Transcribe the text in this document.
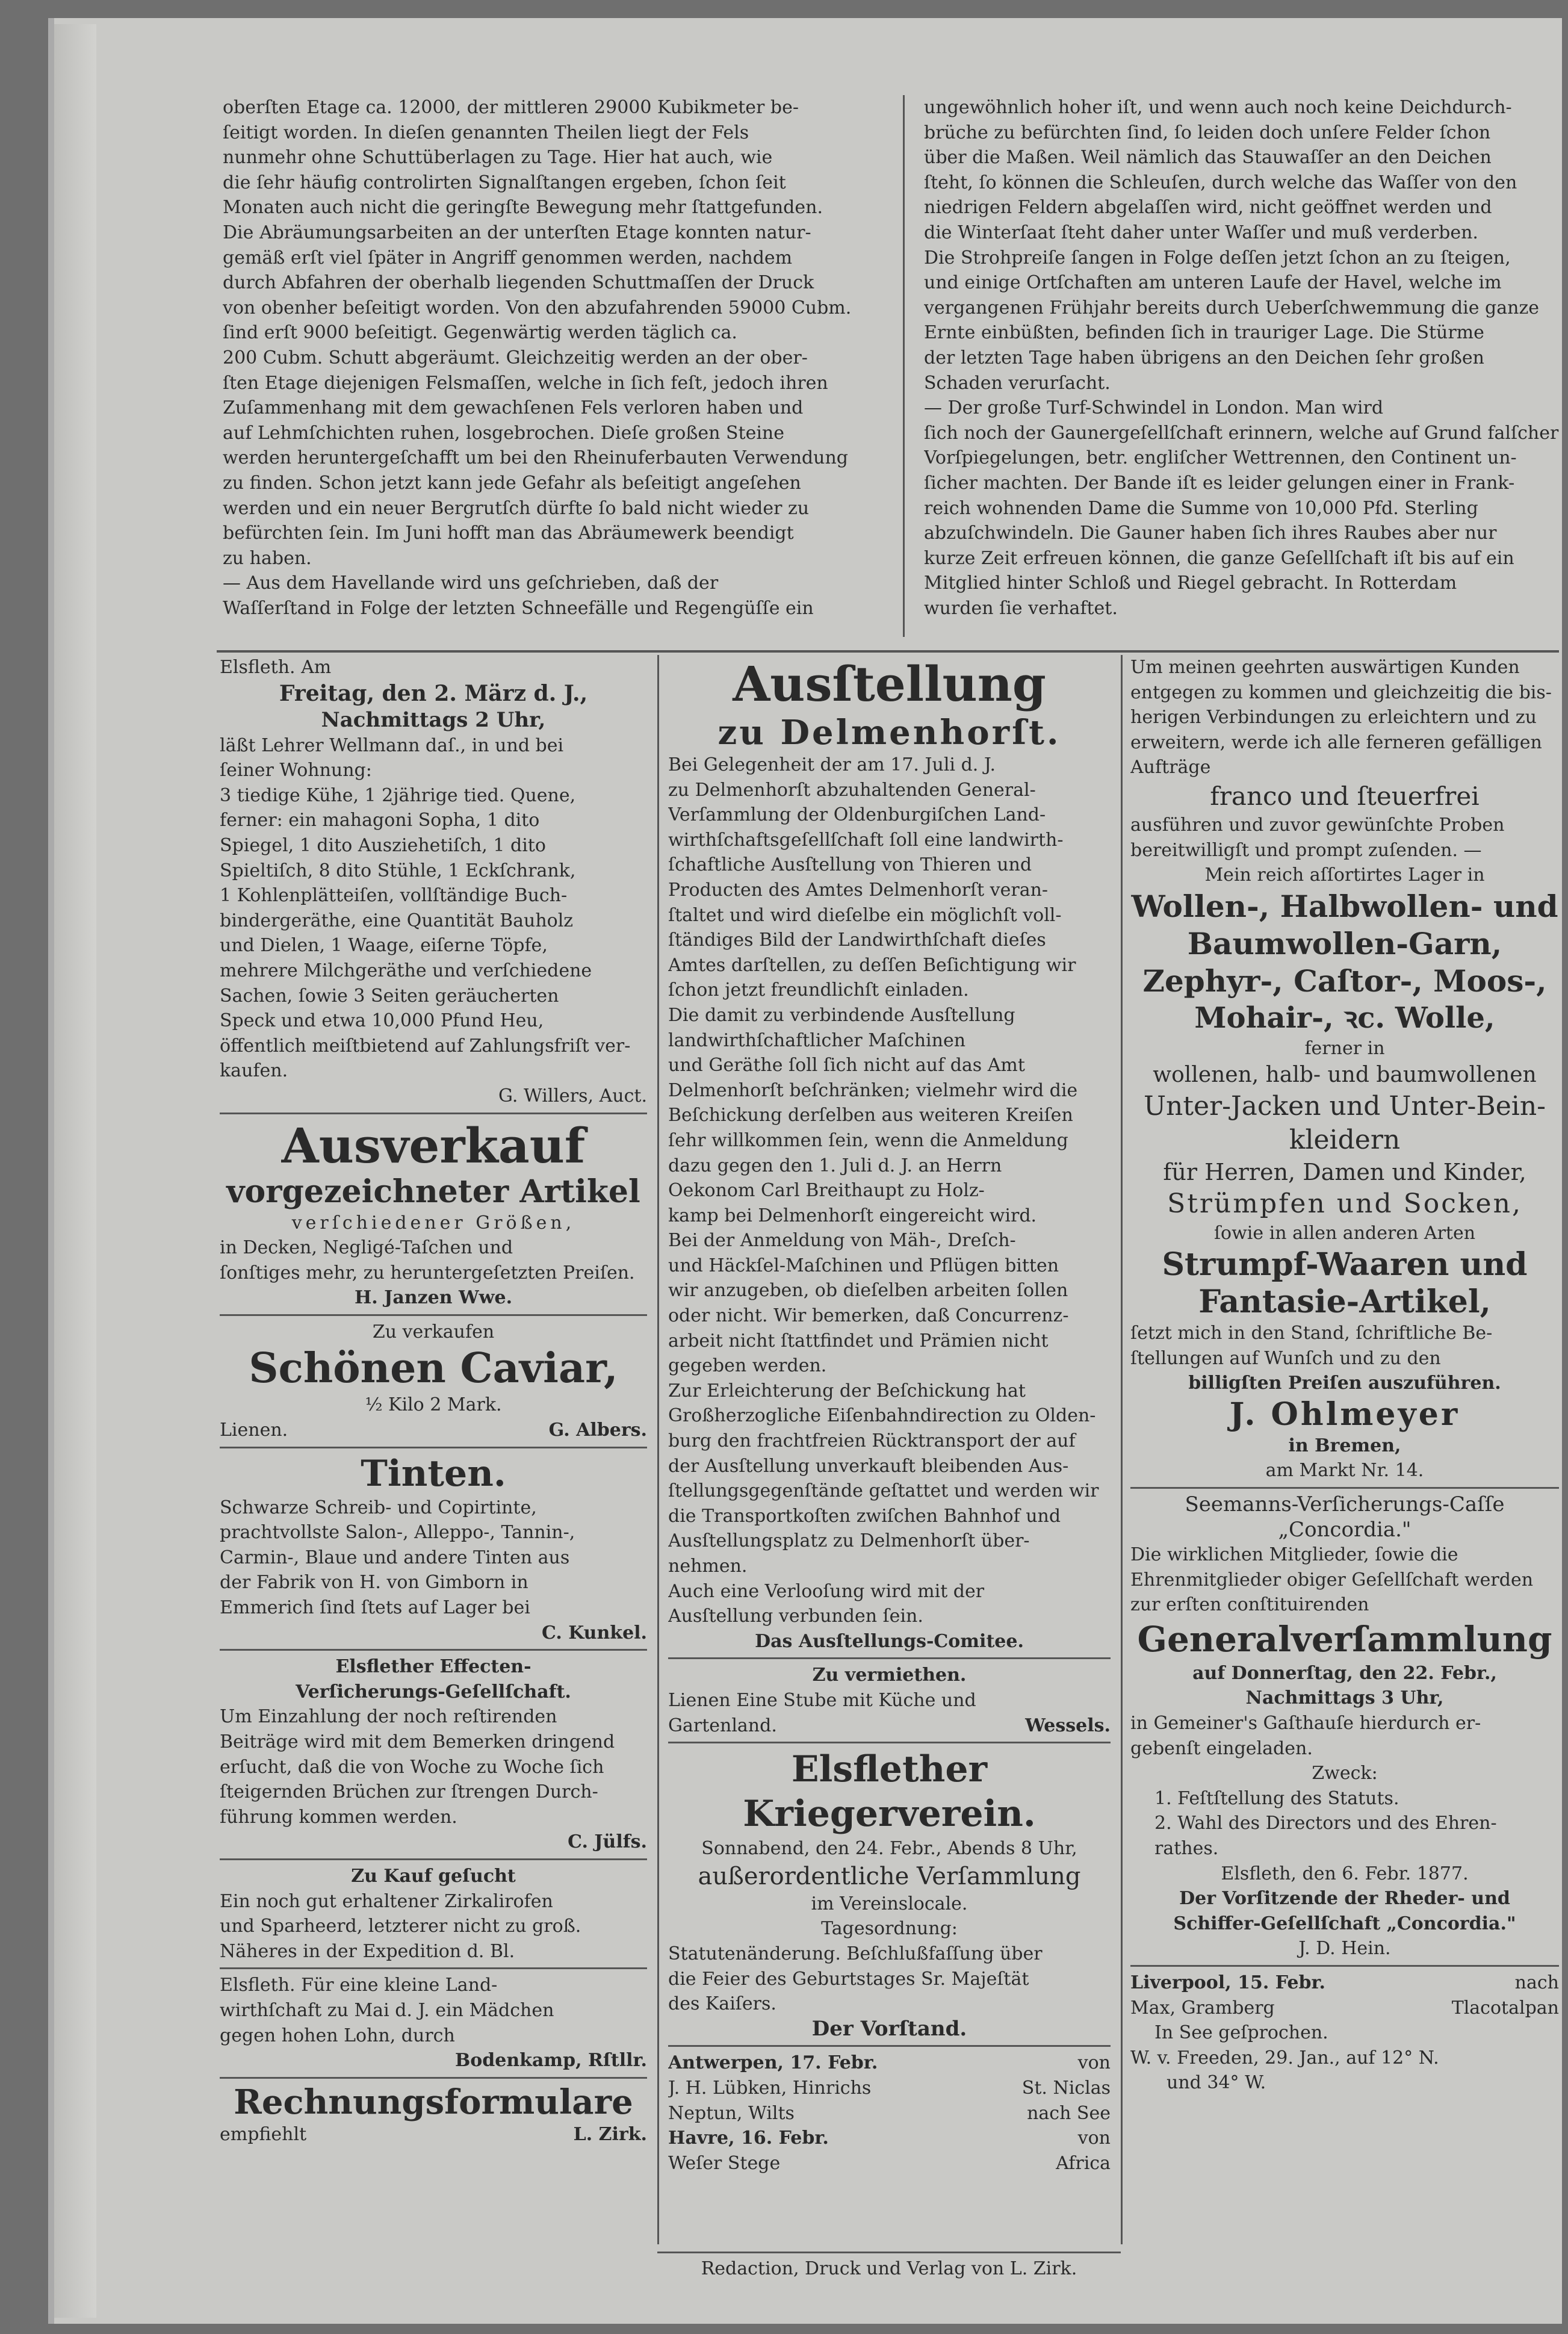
oberſten Etage ca. 12000, der mittleren 29000 Kubikmeter be-

ſeitigt worden. In dieſen genannten Theilen liegt der Fels

nunmehr ohne Schuttüberlagen zu Tage. Hier hat auch, wie

die ſehr häufig controlirten Signalſtangen ergeben, ſchon ſeit

Monaten auch nicht die geringſte Bewegung mehr ſtattgefunden.

Die Abräumungsarbeiten an der unterſten Etage konnten natur-

gemäß erſt viel ſpäter in Angriff genommen werden, nachdem

durch Abfahren der oberhalb liegenden Schuttmaſſen der Druck

von obenher beſeitigt worden. Von den abzufahrenden 59000 Cubm.

ſind erſt 9000 beſeitigt. Gegenwärtig werden täglich ca.

200 Cubm. Schutt abgeräumt. Gleichzeitig werden an der ober-

ſten Etage diejenigen Felsmaſſen, welche in ſich feſt, jedoch ihren

Zuſammenhang mit dem gewachſenen Fels verloren haben und

auf Lehmſchichten ruhen, losgebrochen. Dieſe großen Steine

werden heruntergeſchafft um bei den Rheinuferbauten Verwendung

zu finden. Schon jetzt kann jede Gefahr als beſeitigt angeſehen

werden und ein neuer Bergrutſch dürfte ſo bald nicht wieder zu

befürchten ſein. Im Juni hofft man das Abräumewerk beendigt

zu haben.

— Aus dem Havellande wird uns geſchrieben, daß der

Waſſerſtand in Folge der letzten Schneefälle und Regengüſſe ein

ungewöhnlich hoher iſt, und wenn auch noch keine Deichdurch-

brüche zu befürchten ſind, ſo leiden doch unſere Felder ſchon

über die Maßen. Weil nämlich das Stauwaſſer an den Deichen

ſteht, ſo können die Schleuſen, durch welche das Waſſer von den

niedrigen Feldern abgelaſſen wird, nicht geöffnet werden und

die Winterſaat ſteht daher unter Waſſer und muß verderben.

Die Strohpreiſe ſangen in Folge deſſen jetzt ſchon an zu ſteigen,

und einige Ortſchaften am unteren Laufe der Havel, welche im

vergangenen Frühjahr bereits durch Ueberſchwemmung die ganze

Ernte einbüßten, befinden ſich in trauriger Lage. Die Stürme

der letzten Tage haben übrigens an den Deichen ſehr großen

Schaden verurſacht.

— Der große Turf-Schwindel in London. Man wird

ſich noch der Gaunergeſellſchaft erinnern, welche auf Grund falſcher

Vorſpiegelungen, betr. engliſcher Wettrennen, den Continent un-

ſicher machten. Der Bande iſt es leider gelungen einer in Frank-

reich wohnenden Dame die Summe von 10,000 Pfd. Sterling

abzuſchwindeln. Die Gauner haben ſich ihres Raubes aber nur

kurze Zeit erfreuen können, die ganze Geſellſchaft iſt bis auf ein

Mitglied hinter Schloß und Riegel gebracht. In Rotterdam

wurden ſie verhaftet.

Elsfleth. Am

Freitag, den 2. März d. J.,

Nachmittags 2 Uhr,

läßt Lehrer Wellmann daſ., in und bei

ſeiner Wohnung:

3 tiedige Kühe, 1 2jährige tied. Quene,

ferner: ein mahagoni Sopha, 1 dito

Spiegel, 1 dito Ausziehetiſch, 1 dito

Spieltiſch, 8 dito Stühle, 1 Eckſchrank,

1 Kohlenplätteiſen, vollſtändige Buch-

bindergeräthe, eine Quantität Bauholz

und Dielen, 1 Waage, eiſerne Töpfe,

mehrere Milchgeräthe und verſchiedene

Sachen, ſowie 3 Seiten geräucherten

Speck und etwa 10,000 Pfund Heu,

öffentlich meiſtbietend auf Zahlungsfriſt ver-

kaufen.

G. Willers, Auct.

Ausverkauf

vorgezeichneter Artikel

verſchiedener Größen,

in Decken, Negligé-Taſchen und

ſonſtiges mehr, zu heruntergeſetzten Preiſen.

H. Janzen Wwe.

Zu verkaufen

Schönen Caviar,

½ Kilo 2 Mark.

Lienen.	G. Albers.

Tinten.

Schwarze Schreib- und Copirtinte,

prachtvollste Salon-, Alleppo-, Tannin-,

Carmin-, Blaue und andere Tinten aus

der Fabrik von H. von Gimborn in

Emmerich ſind ſtets auf Lager bei

C. Kunkel.

Elsflether Effecten-

Verſicherungs-Geſellſchaft.

Um Einzahlung der noch reſtirenden

Beiträge wird mit dem Bemerken dringend

erſucht, daß die von Woche zu Woche ſich

ſteigernden Brüchen zur ſtrengen Durch-

führung kommen werden.

C. Jülfs.

Zu Kauf geſucht

Ein noch gut erhaltener Zirkalirofen

und Sparheerd, letzterer nicht zu groß.

Näheres in der Expedition d. Bl.

Elsfleth. Für eine kleine Land-

wirthſchaft zu Mai d. J. ein Mädchen

gegen hohen Lohn, durch

Bodenkamp, Rſtllr.

Rechnungsformulare

empfiehlt	L. Zirk.

Ausſtellung

zu Delmenhorſt.

Bei Gelegenheit der am 17. Juli d. J.

zu Delmenhorſt abzuhaltenden General-

Verſammlung der Oldenburgiſchen Land-

wirthſchaftsgeſellſchaft ſoll eine landwirth-

ſchaftliche Ausſtellung von Thieren und

Producten des Amtes Delmenhorſt veran-

ſtaltet und wird dieſelbe ein möglichſt voll-

ſtändiges Bild der Landwirthſchaft dieſes

Amtes darſtellen, zu deſſen Beſichtigung wir

ſchon jetzt freundlichſt einladen.

Die damit zu verbindende Ausſtellung

landwirthſchaftlicher Maſchinen

und Geräthe ſoll ſich nicht auf das Amt

Delmenhorſt beſchränken; vielmehr wird die

Beſchickung derſelben aus weiteren Kreiſen

ſehr willkommen ſein, wenn die Anmeldung

dazu gegen den 1. Juli d. J. an Herrn

Oekonom Carl Breithaupt zu Holz-

kamp bei Delmenhorſt eingereicht wird.

Bei der Anmeldung von Mäh-, Dreſch-

und Häckſel-Maſchinen und Pflügen bitten

wir anzugeben, ob dieſelben arbeiten ſollen

oder nicht. Wir bemerken, daß Concurrenz-

arbeit nicht ſtattfindet und Prämien nicht

gegeben werden.

Zur Erleichterung der Beſchickung hat

Großherzogliche Eiſenbahndirection zu Olden-

burg den frachtfreien Rücktransport der auf

der Ausſtellung unverkauft bleibenden Aus-

ſtellungsgegenſtände geſtattet und werden wir

die Transportkoſten zwiſchen Bahnhof und

Ausſtellungsplatz zu Delmenhorſt über-

nehmen.

Auch eine Verlooſung wird mit der

Ausſtellung verbunden ſein.

Das Ausſtellungs-Comitee.

Zu vermiethen.

Lienen Eine Stube mit Küche und

Gartenland.	Wessels.

Elsflether Kriegerverein.

Sonnabend, den 24. Febr., Abends 8 Uhr,

außerordentliche Verſammlung

im Vereinslocale.

Tagesordnung:

Statutenänderung. Beſchlußfaſſung über

die Feier des Geburtstages Sr. Majeſtät

des Kaiſers.

Der Vorſtand.

Antwerpen, 17. Febr.	von
J. H. Lübken, Hinrichs	St. Niclas
Neptun, Wilts	nach See
Havre, 16. Febr.	von
Weſer Stege	Africa

Um meinen geehrten auswärtigen Kunden

entgegen zu kommen und gleichzeitig die bis-

herigen Verbindungen zu erleichtern und zu

erweitern, werde ich alle ferneren gefälligen

Aufträge

franco und ſteuerfrei

ausführen und zuvor gewünſchte Proben

bereitwilligſt und prompt zuſenden. —

Mein reich aſſortirtes Lager in

Wollen-, Halbwollen- und

Baumwollen-Garn,

Zephyr-, Caſtor-, Moos-,

Mohair-, ꝛc. Wolle,

ferner in

wollenen, halb- und baumwollenen

Unter-Jacken und Unter-Bein-

kleidern

für Herren, Damen und Kinder,

Strümpfen und Socken,

ſowie in allen anderen Arten

Strumpf-Waaren und

Fantasie-Artikel,

ſetzt mich in den Stand, ſchriftliche Be-

ſtellungen auf Wunſch und zu den

billigſten Preiſen auszuführen.

J. Ohlmeyer

in Bremen,

am Markt Nr. 14.

Seemanns-Verſicherungs-Caſſe

„Concordia."

Die wirklichen Mitglieder, ſowie die

Ehrenmitglieder obiger Geſellſchaft werden

zur erſten conſtituirenden

Generalverſammlung

auf Donnerſtag, den 22. Febr.,

Nachmittags 3 Uhr,

in Gemeiner's Gaſthauſe hierdurch er-

gebenſt eingeladen.

Zweck:

1. Feſtſtellung des Statuts.

2. Wahl des Directors und des Ehren-

rathes.

Elsfleth, den 6. Febr. 1877.

Der Vorſitzende der Rheder- und

Schiffer-Geſellſchaft „Concordia."

J. D. Hein.

Liverpool, 15. Febr.	nach
Max, Gramberg	Tlacotalpan

In See geſprochen.

W. v. Freeden, 29. Jan., auf 12° N.

und 34° W.

Redaction, Druck und Verlag von L. Zirk.
